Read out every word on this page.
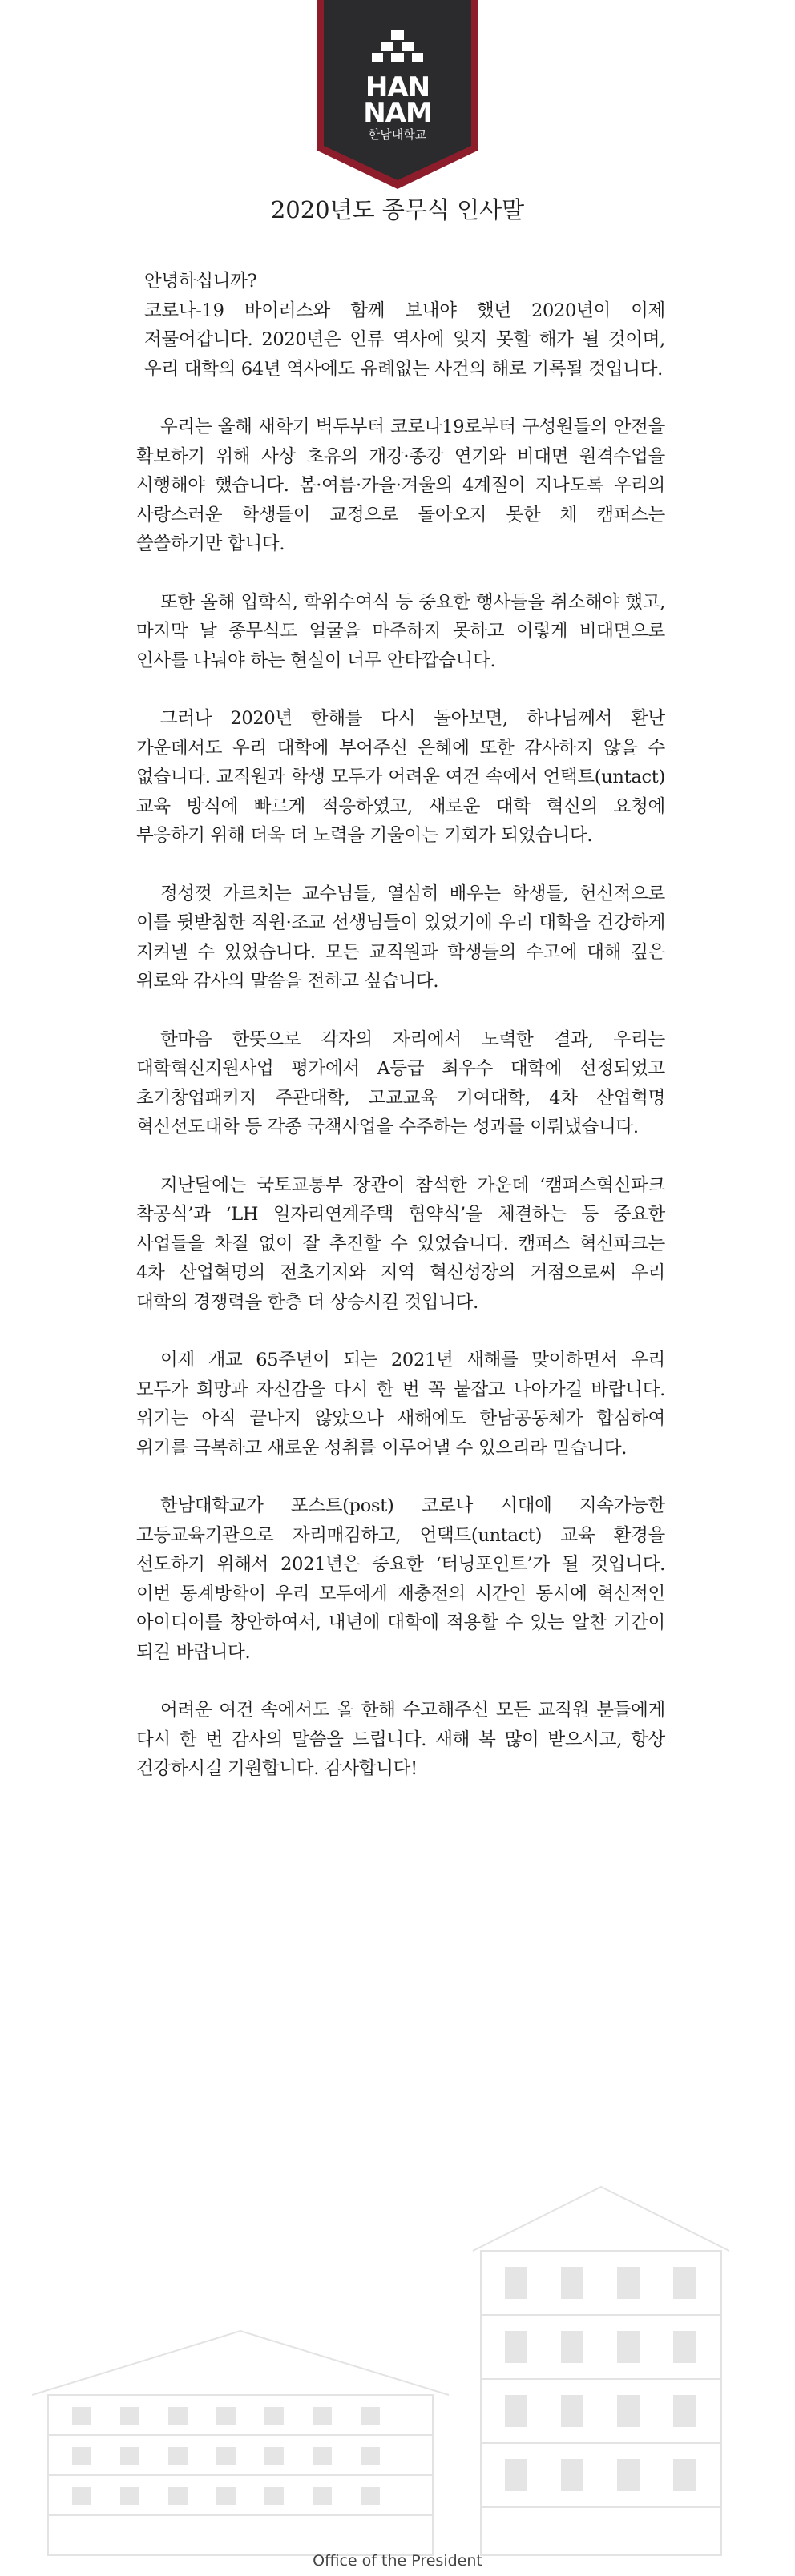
HAN
NAM
한남대학교
2020년도 종무식 인사말
안녕하십니까?

코로나-19 바이러스와 함께 보내야 했던 2020년이 이제 저물어갑니다. 2020년은 인류 역사에 잊지 못할 해가 될 것이며, 우리 대학의 64년 역사에도 유례없는 사건의 해로 기록될 것입니다.

우리는 올해 새학기 벽두부터 코로나19로부터 구성원들의 안전을 확보하기 위해 사상 초유의 개강·종강 연기와 비대면 원격수업을 시행해야 했습니다. 봄·여름·가을·겨울의 4계절이 지나도록 우리의 사랑스러운 학생들이 교정으로 돌아오지 못한 채 캠퍼스는 쓸쓸하기만 합니다.

또한 올해 입학식, 학위수여식 등 중요한 행사들을 취소해야 했고, 마지막 날 종무식도 얼굴을 마주하지 못하고 이렇게 비대면으로 인사를 나눠야 하는 현실이 너무 안타깝습니다.

그러나 2020년 한해를 다시 돌아보면, 하나님께서 환난 가운데서도 우리 대학에 부어주신 은혜에 또한 감사하지 않을 수 없습니다. 교직원과 학생 모두가 어려운 여건 속에서 언택트(untact) 교육 방식에 빠르게 적응하였고, 새로운 대학 혁신의 요청에 부응하기 위해 더욱 더 노력을 기울이는 기회가 되었습니다.

정성껏 가르치는 교수님들, 열심히 배우는 학생들, 헌신적으로 이를 뒷받침한 직원·조교 선생님들이 있었기에 우리 대학을 건강하게 지켜낼 수 있었습니다. 모든 교직원과 학생들의 수고에 대해 깊은 위로와 감사의 말씀을 전하고 싶습니다.

한마음 한뜻으로 각자의 자리에서 노력한 결과, 우리는 대학혁신지원사업 평가에서 A등급 최우수 대학에 선정되었고 초기창업패키지 주관대학, 고교교육 기여대학, 4차 산업혁명 혁신선도대학 등 각종 국책사업을 수주하는 성과를 이뤄냈습니다.

지난달에는 국토교통부 장관이 참석한 가운데 ‘캠퍼스혁신파크 착공식’과 ‘LH 일자리연계주택 협약식’을 체결하는 등 중요한 사업들을 차질 없이 잘 추진할 수 있었습니다. 캠퍼스 혁신파크는 4차 산업혁명의 전초기지와 지역 혁신성장의 거점으로써 우리 대학의 경쟁력을 한층 더 상승시킬 것입니다.

이제 개교 65주년이 되는 2021년 새해를 맞이하면서 우리 모두가 희망과 자신감을 다시 한 번 꼭 붙잡고 나아가길 바랍니다. 위기는 아직 끝나지 않았으나 새해에도 한남공동체가 합심하여 위기를 극복하고 새로운 성취를 이루어낼 수 있으리라 믿습니다.

한남대학교가 포스트(post) 코로나 시대에 지속가능한 고등교육기관으로 자리매김하고, 언택트(untact) 교육 환경을 선도하기 위해서 2021년은 중요한 ‘터닝포인트’가 될 것입니다. 이번 동계방학이 우리 모두에게 재충전의 시간인 동시에 혁신적인 아이디어를 창안하여서, 내년에 대학에 적용할 수 있는 알찬 기간이 되길 바랍니다.

어려운 여건 속에서도 올 한해 수고해주신 모든 교직원 분들에게 다시 한 번 감사의 말씀을 드립니다. 새해 복 많이 받으시고, 항상 건강하시길 기원합니다. 감사합니다!

Office of the President
